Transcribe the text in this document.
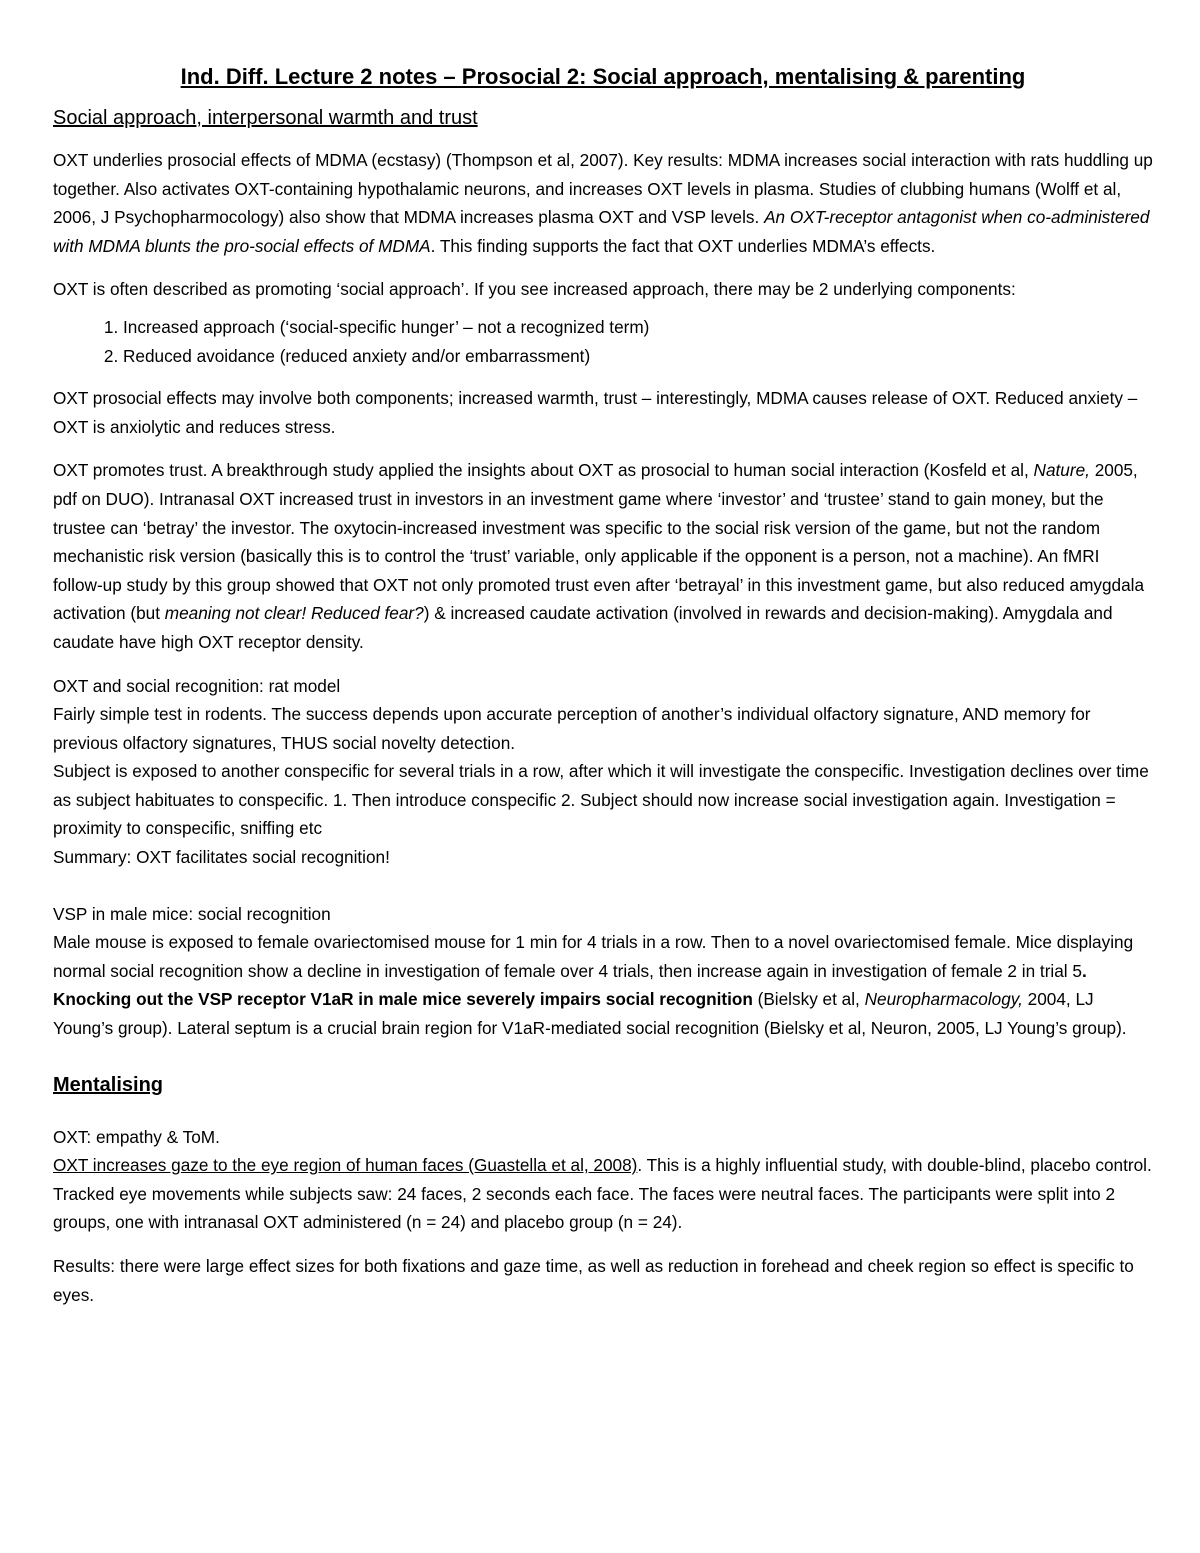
Ind. Diff. Lecture 2 notes – Prosocial 2: Social approach, mentalising & parenting
Social approach, interpersonal warmth and trust

OXT underlies prosocial effects of MDMA (ecstasy) (Thompson et al, 2007). Key results: MDMA increases social interaction with rats huddling up together. Also activates OXT-containing hypothalamic neurons, and increases OXT levels in plasma. Studies of clubbing humans (Wolff et al, 2006, J Psychopharmocology) also show that MDMA increases plasma OXT and VSP levels. An OXT-receptor antagonist when co-administered with MDMA blunts the pro-social effects of MDMA. This finding supports the fact that OXT underlies MDMA’s effects.

OXT is often described as promoting ‘social approach’. If you see increased approach, there may be 2 underlying components:

1. Increased approach (‘social-specific hunger’ – not a recognized term)
2. Reduced avoidance (reduced anxiety and/or embarrassment)

OXT prosocial effects may involve both components; increased warmth, trust – interestingly, MDMA causes release of OXT. Reduced anxiety – OXT is anxiolytic and reduces stress.

OXT promotes trust. A breakthrough study applied the insights about OXT as prosocial to human social interaction (Kosfeld et al, Nature, 2005, pdf on DUO). Intranasal OXT increased trust in investors in an investment game where ‘investor’ and ‘trustee’ stand to gain money, but the trustee can ‘betray’ the investor. The oxytocin-increased investment was specific to the social risk version of the game, but not the random mechanistic risk version (basically this is to control the ‘trust’ variable, only applicable if the opponent is a person, not a machine). An fMRI follow-up study by this group showed that OXT not only promoted trust even after ‘betrayal’ in this investment game, but also reduced amygdala activation (but meaning not clear! Reduced fear?) & increased caudate activation (involved in rewards and decision-making). Amygdala and caudate have high OXT receptor density.

OXT and social recognition: rat model
Fairly simple test in rodents. The success depends upon accurate perception of another’s individual olfactory signature, AND memory for previous olfactory signatures, THUS social novelty detection.
Subject is exposed to another conspecific for several trials in a row, after which it will investigate the conspecific. Investigation declines over time as subject habituates to conspecific. 1. Then introduce conspecific 2. Subject should now increase social investigation again. Investigation = proximity to conspecific, sniffing etc
Summary: OXT facilitates social recognition!
VSP in male mice: social recognition
Male mouse is exposed to female ovariectomised mouse for 1 min for 4 trials in a row. Then to a novel ovariectomised female. Mice displaying normal social recognition show a decline in investigation of female over 4 trials, then increase again in investigation of female 2 in trial 5. Knocking out the VSP receptor V1aR in male mice severely impairs social recognition (Bielsky et al, Neuropharmacology, 2004, LJ Young’s group). Lateral septum is a crucial brain region for V1aR-mediated social recognition (Bielsky et al, Neuron, 2005, LJ Young’s group).
Mentalising
OXT: empathy & ToM.
OXT increases gaze to the eye region of human faces (Guastella et al, 2008). This is a highly influential study, with double-blind, placebo control. Tracked eye movements while subjects saw: 24 faces, 2 seconds each face. The faces were neutral faces. The participants were split into 2 groups, one with intranasal OXT administered (n = 24) and placebo group (n = 24).

Results: there were large effect sizes for both fixations and gaze time, as well as reduction in forehead and cheek region so effect is specific to eyes.
